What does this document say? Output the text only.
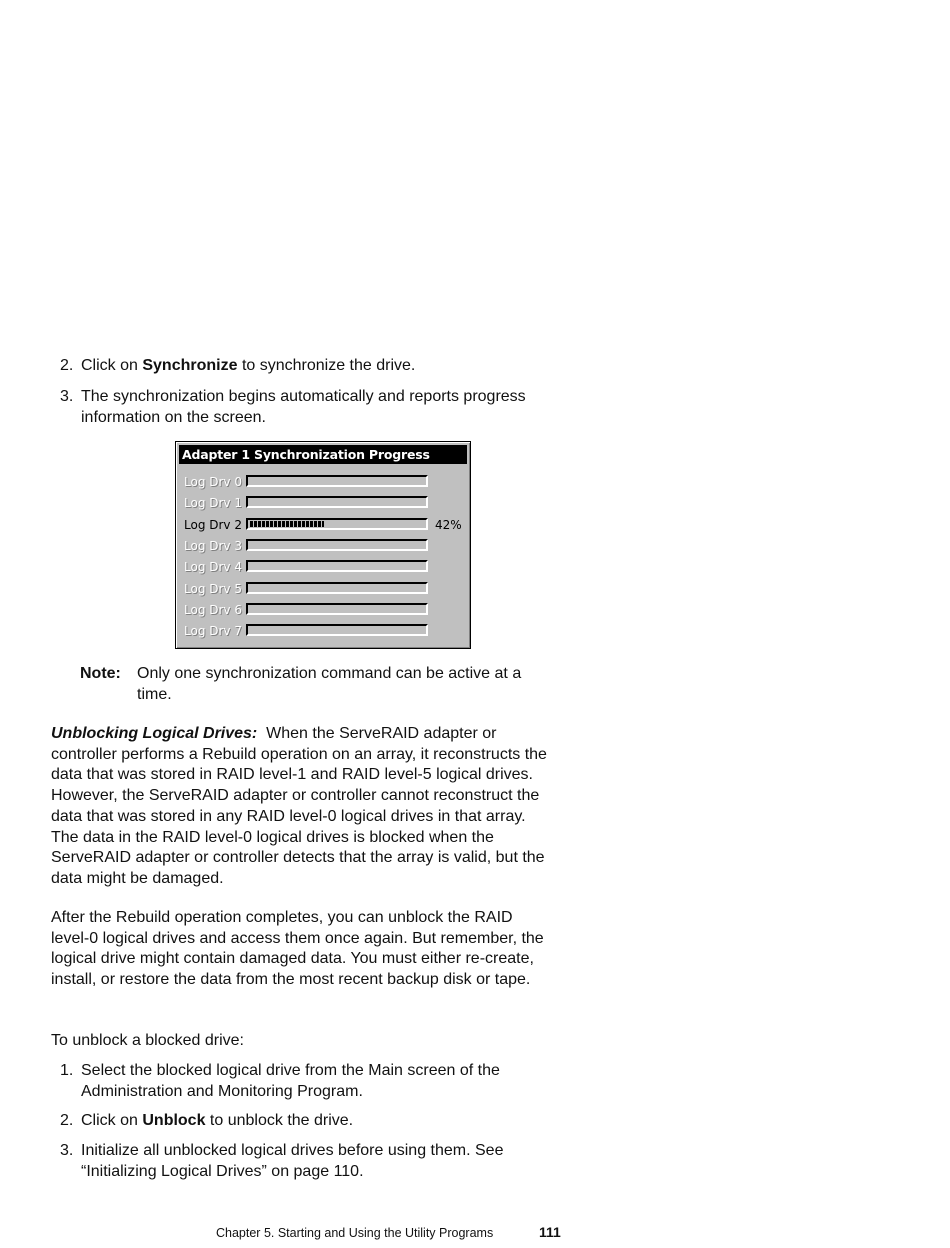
2. Click on Synchronize to synchronize the drive.
3. The synchronization begins automatically and reports progress information on the screen.
Adapter 1 Synchronization Progress
Log Drv 0
Log Drv 1
Log Drv 2	42%
Log Drv 3
Log Drv 4
Log Drv 5
Log Drv 6
Log Drv 7
Note: Only one synchronization command can be active at a time.
Unblocking Logical Drives: When the ServeRAID adapter or controller performs a Rebuild operation on an array, it reconstructs the data that was stored in RAID level-1 and RAID level-5 logical drives. However, the ServeRAID adapter or controller cannot reconstruct the data that was stored in any RAID level-0 logical drives in that array. The data in the RAID level-0 logical drives is blocked when the ServeRAID adapter or controller detects that the array is valid, but the data might be damaged.
After the Rebuild operation completes, you can unblock the RAID level-0 logical drives and access them once again. But remember, the logical drive might contain damaged data. You must either re-create, install, or restore the data from the most recent backup disk or tape.
To unblock a blocked drive:
1. Select the blocked logical drive from the Main screen of the Administration and Monitoring Program.
2. Click on Unblock to unblock the drive.
3. Initialize all unblocked logical drives before using them. See “Initializing Logical Drives” on page 110.
Chapter 5. Starting and Using the Utility Programs	111
